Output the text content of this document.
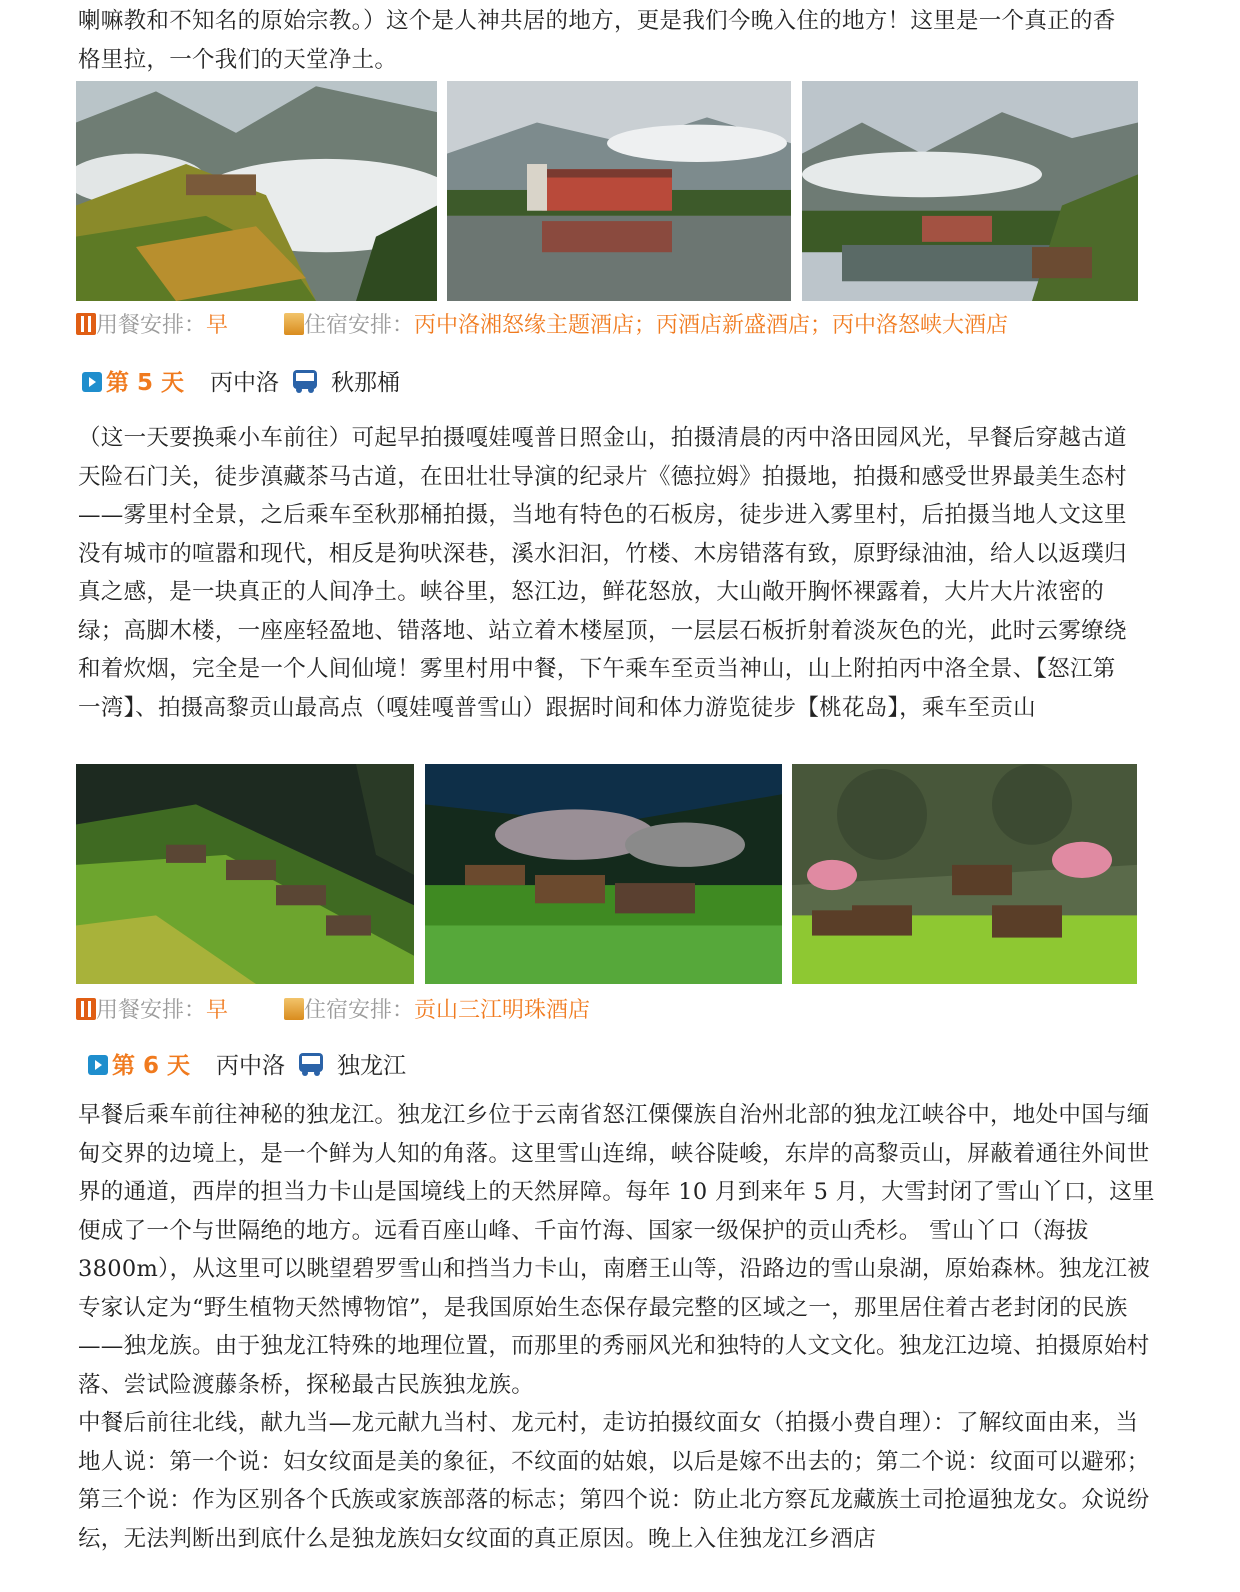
喇嘛教和不知名的原始宗教。）这个是人神共居的地方，更是我们今晚入住的地方！这里是一个真正的香格里拉，一个我们的天堂净土。

用餐安排：早	住宿安排：丙中洛湘怒缘主题酒店；丙酒店新盛酒店；丙中洛怒峡大酒店
第 5 天 丙中洛 秋那桶

（这一天要换乘小车前往）可起早拍摄嘎娃嘎普日照金山，拍摄清晨的丙中洛田园风光，早餐后穿越古道天险石门关，徒步滇藏茶马古道，在田壮壮导演的纪录片《德拉姆》拍摄地，拍摄和感受世界最美生态村——雾里村全景，之后乘车至秋那桶拍摄，当地有特色的石板房，徒步进入雾里村，后拍摄当地人文这里没有城市的喧嚣和现代，相反是狗吠深巷，溪水汩汩，竹楼、木房错落有致，原野绿油油，给人以返璞归真之感，是一块真正的人间净土。峡谷里，怒江边，鲜花怒放，大山敞开胸怀裸露着，大片大片浓密的绿；高脚木楼，一座座轻盈地、错落地、站立着木楼屋顶，一层层石板折射着淡灰色的光，此时云雾缭绕和着炊烟，完全是一个人间仙境！雾里村用中餐，下午乘车至贡当神山，山上附拍丙中洛全景、【怒江第一湾】、拍摄高黎贡山最高点（嘎娃嘎普雪山）跟据时间和体力游览徒步【桃花岛】，乘车至贡山

用餐安排：早	住宿安排：贡山三江明珠酒店
第 6 天 丙中洛 独龙江

早餐后乘车前往神秘的独龙江。独龙江乡位于云南省怒江傈僳族自治州北部的独龙江峡谷中，地处中国与缅甸交界的边境上，是一个鲜为人知的角落。这里雪山连绵，峡谷陡峻，东岸的高黎贡山，屏蔽着通往外间世界的通道，西岸的担当力卡山是国境线上的天然屏障。每年 10 月到来年 5 月，大雪封闭了雪山丫口，这里便成了一个与世隔绝的地方。远看百座山峰、千亩竹海、国家一级保护的贡山秃杉。 雪山丫口（海拔 3800m），从这里可以眺望碧罗雪山和挡当力卡山，南磨王山等，沿路边的雪山泉湖，原始森林。独龙江被专家认定为“野生植物天然博物馆”，是我国原始生态保存最完整的区域之一，那里居住着古老封闭的民族——独龙族。由于独龙江特殊的地理位置，而那里的秀丽风光和独特的人文文化。独龙江边境、拍摄原始村落、尝试险渡藤条桥，探秘最古民族独龙族。

中餐后前往北线，献九当—龙元献九当村、龙元村，走访拍摄纹面女（拍摄小费自理）：了解纹面由来，当地人说：第一个说：妇女纹面是美的象征，不纹面的姑娘，以后是嫁不出去的；第二个说：纹面可以避邪；第三个说：作为区别各个氏族或家族部落的标志；第四个说：防止北方察瓦龙藏族土司抢逼独龙女。众说纷纭，无法判断出到底什么是独龙族妇女纹面的真正原因。晚上入住独龙江乡酒店
